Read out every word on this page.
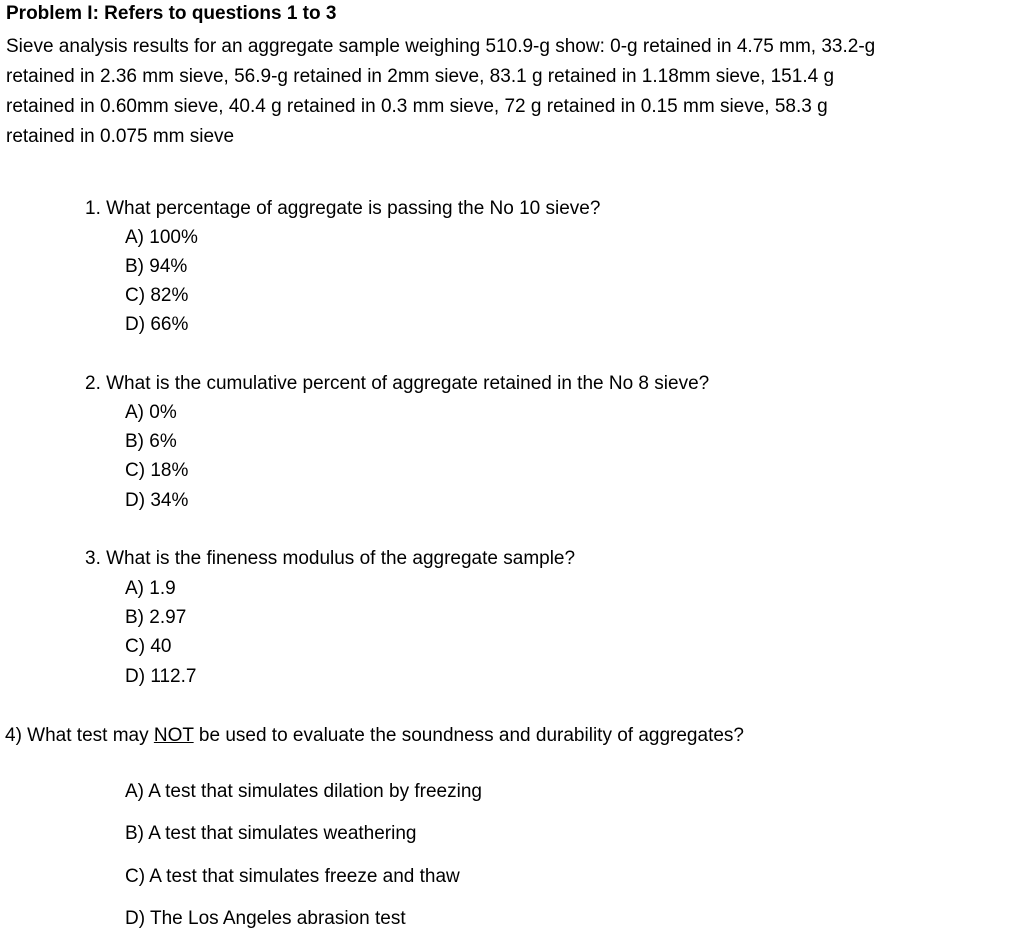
Problem I: Refers to questions 1 to 3
Sieve analysis results for an aggregate sample weighing 510.9-g show: 0-g retained in 4.75 mm, 33.2-g
retained in 2.36 mm sieve, 56.9-g retained in 2mm sieve, 83.1 g retained in 1.18mm sieve, 151.4 g
retained in 0.60mm sieve, 40.4 g retained in 0.3 mm sieve, 72 g retained in 0.15 mm sieve, 58.3 g
retained in 0.075 mm sieve
1. What percentage of aggregate is passing the No 10 sieve?
A) 100%
B) 94%
C) 82%
D) 66%
2. What is the cumulative percent of aggregate retained in the No 8 sieve?
A) 0%
B) 6%
C) 18%
D) 34%
3. What is the fineness modulus of the aggregate sample?
A) 1.9
B) 2.97
C) 40
D) 112.7
4) What test may NOT be used to evaluate the soundness and durability of aggregates?
A) A test that simulates dilation by freezing
B) A test that simulates weathering
C) A test that simulates freeze and thaw
D) The Los Angeles abrasion test
